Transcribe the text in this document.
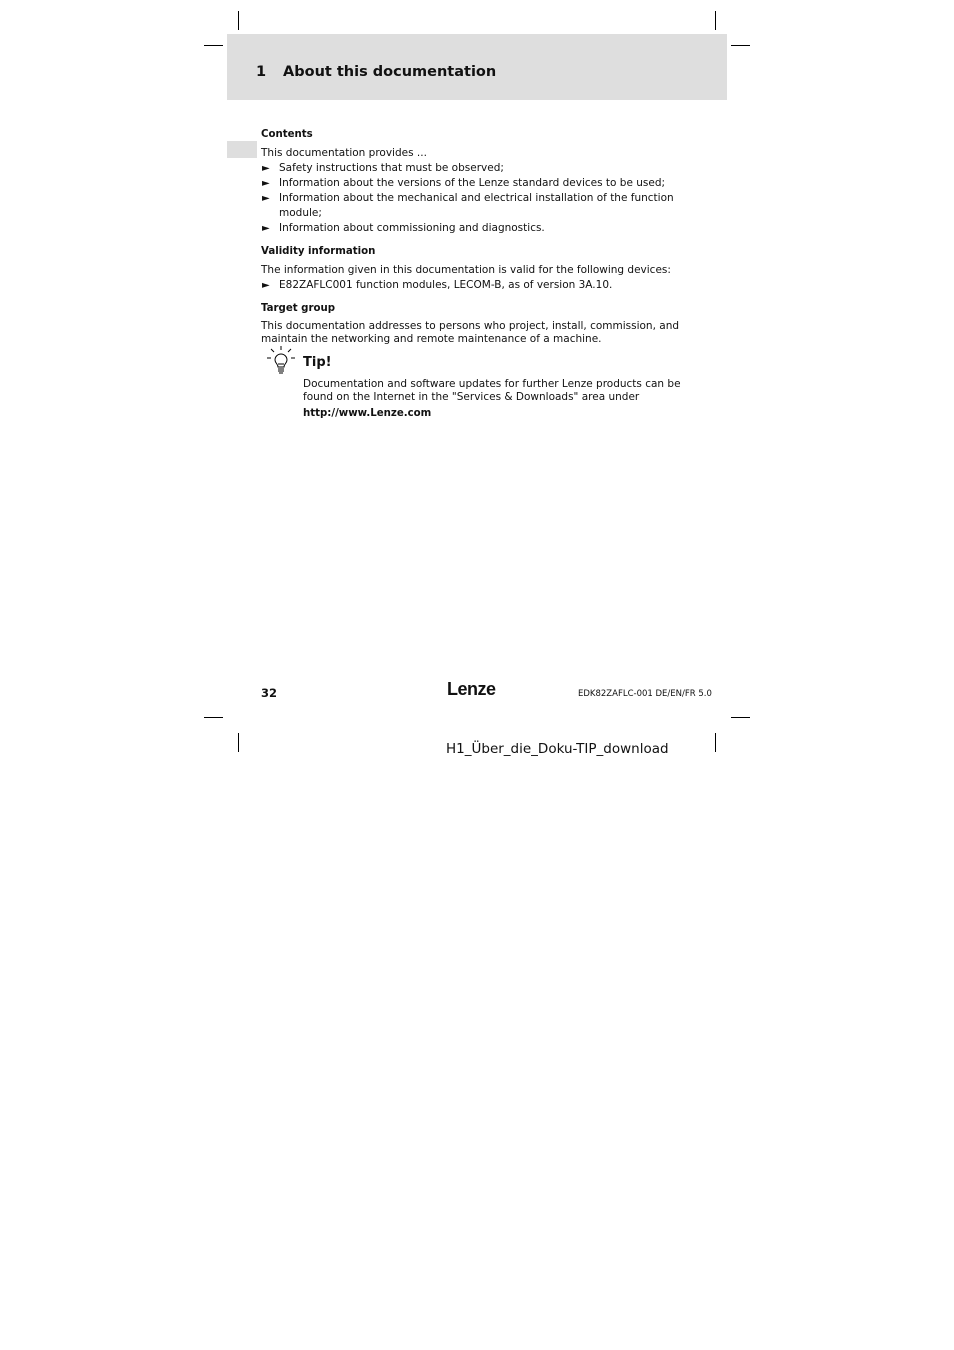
1 About this documentation

Contents

This documentation provides ...

► Safety instructions that must be observed;
► Information about the versions of the Lenze standard devices to be used;
► Information about the mechanical and electrical installation of the function module;
► Information about commissioning and diagnostics.

Validity information

The information given in this documentation is valid for the following devices:

► E82ZAFLC001 function modules, LECOM-B, as of version 3A.10.

Target group

This documentation addresses to persons who project, install, commission, and maintain the networking and remote maintenance of a machine.

Tip!
Documentation and software updates for further Lenze products can be found on the Internet in the "Services & Downloads" area under
http://www.Lenze.com
32	Lenze	EDK82ZAFLC-001 DE/EN/FR 5.0
H1_Über_die_Doku-TIP_download
